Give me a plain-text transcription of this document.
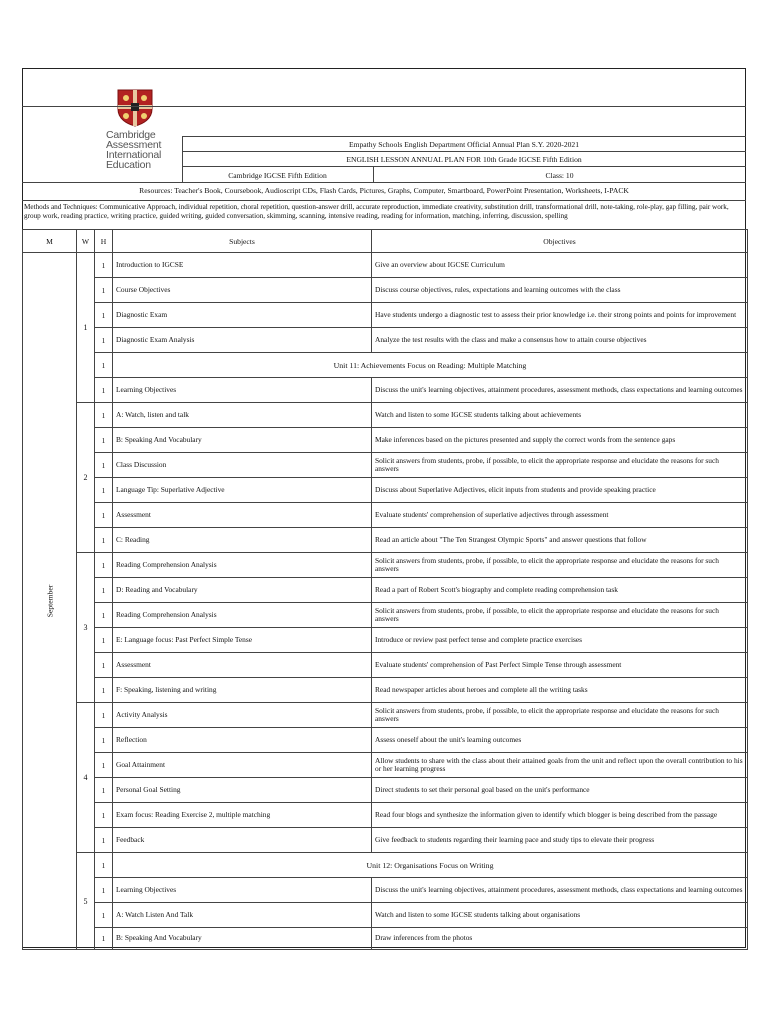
Cambridge
Assessment
International
Education
Empathy Schools English Department Official Annual Plan S.Y. 2020-2021
ENGLISH LESSON ANNUAL PLAN FOR 10th Grade IGCSE Fifth Edition
Cambridge IGCSE Fifth Edition	Class: 10
Resources: Teacher's Book, Coursebook, Audioscript CDs, Flash Cards, Pictures, Graphs, Computer, Smartboard, PowerPoint Presentation, Worksheets, I-PACK
Methods and Techniques: Communicative Approach, individual repetition, choral repetition, question-answer drill, accurate reproduction, immediate creativity, substitution drill, transformational drill, note-taking, role-play, gap filling, pair work, group work, reading practice, writing practice, guided writing, guided conversation, skimming, scanning, intensive reading, reading for information, matching, inferring, discussion, spelling
M	W	H	Subjects	Objectives

September	1	1	Introduction to IGCSE	Give an overview about IGCSE Curriculum
		1	Course Objectives	Discuss course objectives, rules, expectations and learning outcomes with the class
		1	Diagnostic Exam	Have students undergo a diagnostic test to assess their prior knowledge i.e. their strong points and points for improvement
		1	Diagnostic Exam Analysis	Analyze the test results with the class and make a consensus how to attain course objectives
		1	Unit 11: Achievements Focus on Reading: Multiple Matching	
		1	Learning Objectives	Discuss the unit's learning objectives, attainment procedures, assessment methods, class expectations and learning outcomes
	2	1	A: Watch, listen and talk	Watch and listen to some IGCSE students talking about achievements
		1	B: Speaking And Vocabulary	Make inferences based on the pictures presented and supply the correct words from the sentence gaps
		1	Class Discussion	Solicit answers from students, probe, if possible, to elicit the appropriate response and elucidate the reasons for such answers
		1	Language Tip: Superlative Adjective	Discuss about Superlative Adjectives, elicit inputs from students and provide speaking practice
		1	Assessment	Evaluate students' comprehension of superlative adjectives through assessment
		1	C: Reading	Read an article about "The Ten Strangest Olympic Sports" and answer questions that follow
	3	1	Reading Comprehension Analysis	Solicit answers from students, probe, if possible, to elicit the appropriate response and elucidate the reasons for such answers
		1	D: Reading and Vocabulary	Read a part of Robert Scott's biography and complete reading comprehension task
		1	Reading Comprehension Analysis	Solicit answers from students, probe, if possible, to elicit the appropriate response and elucidate the reasons for such answers
		1	E: Language focus: Past Perfect Simple Tense	Introduce or review past perfect tense and complete practice exercises
		1	Assessment	Evaluate students' comprehension of Past Perfect Simple Tense through assessment
		1	F: Speaking, listening and writing	Read newspaper articles about heroes and complete all the writing tasks
	4	1	Activity Analysis	Solicit answers from students, probe, if possible, to elicit the appropriate response and elucidate the reasons for such answers
		1	Reflection	Assess oneself about the unit's learning outcomes
		1	Goal Attainment	Allow students to share with the class about their attained goals from the unit and reflect upon the overall contribution to his or her learning progress
		1	Personal Goal Setting	Direct students to set their personal goal based on the unit's performance
		1	Exam focus: Reading Exercise 2, multiple matching	Read four blogs and synthesize the information given to identify which blogger is being described from the passage
		1	Feedback	Give feedback to students regarding their learning pace and study tips to elevate their progress
	5	1	Unit 12: Organisations Focus on Writing	
		1	Learning Objectives	Discuss the unit's learning objectives, attainment procedures, assessment methods, class expectations and learning outcomes
		1	A: Watch Listen And Talk	Watch and listen to some IGCSE students talking about organisations
		1	B: Speaking And Vocabulary	Draw inferences from the photos
